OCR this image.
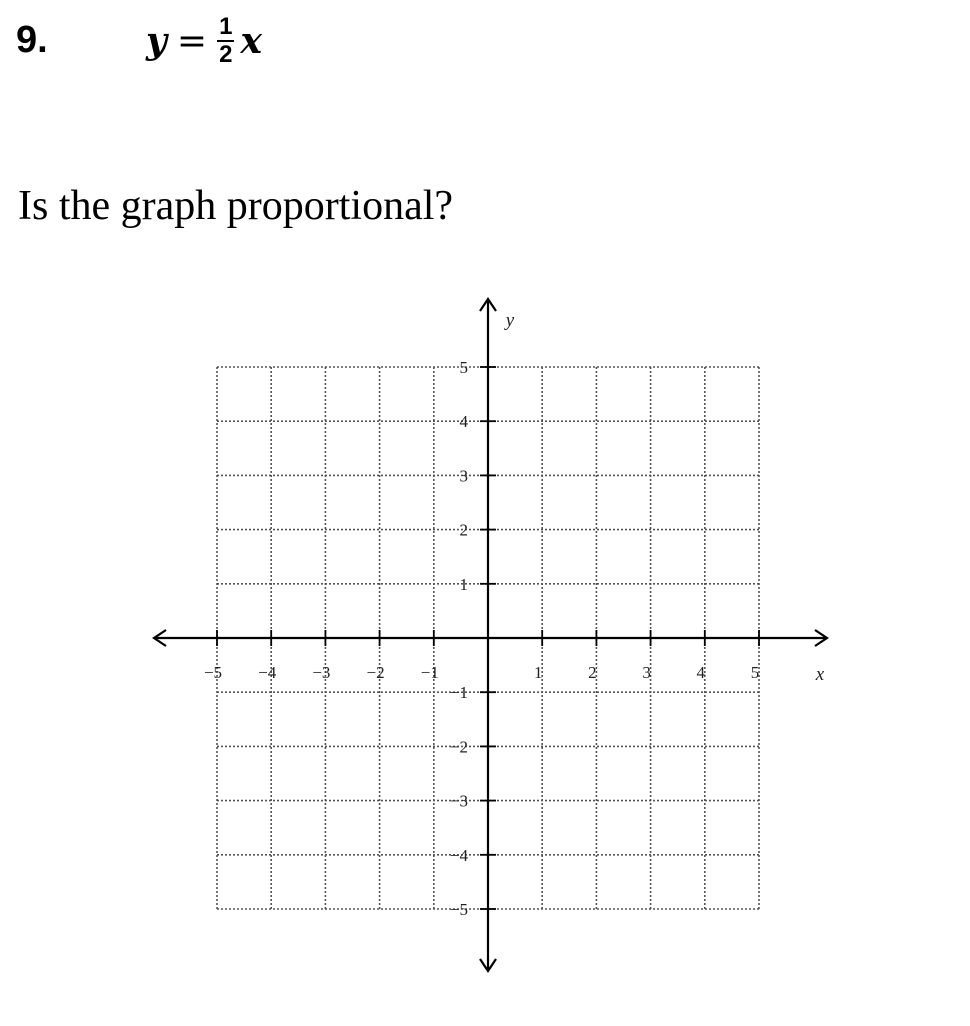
9.	$y = \frac{1}{2}$ x
Is the graph proportional?
−5 −4 −3 −2 −1	1	2	3	4	5
5
4
3
2
1
−1
−2
−3
−4
−5
x
y
